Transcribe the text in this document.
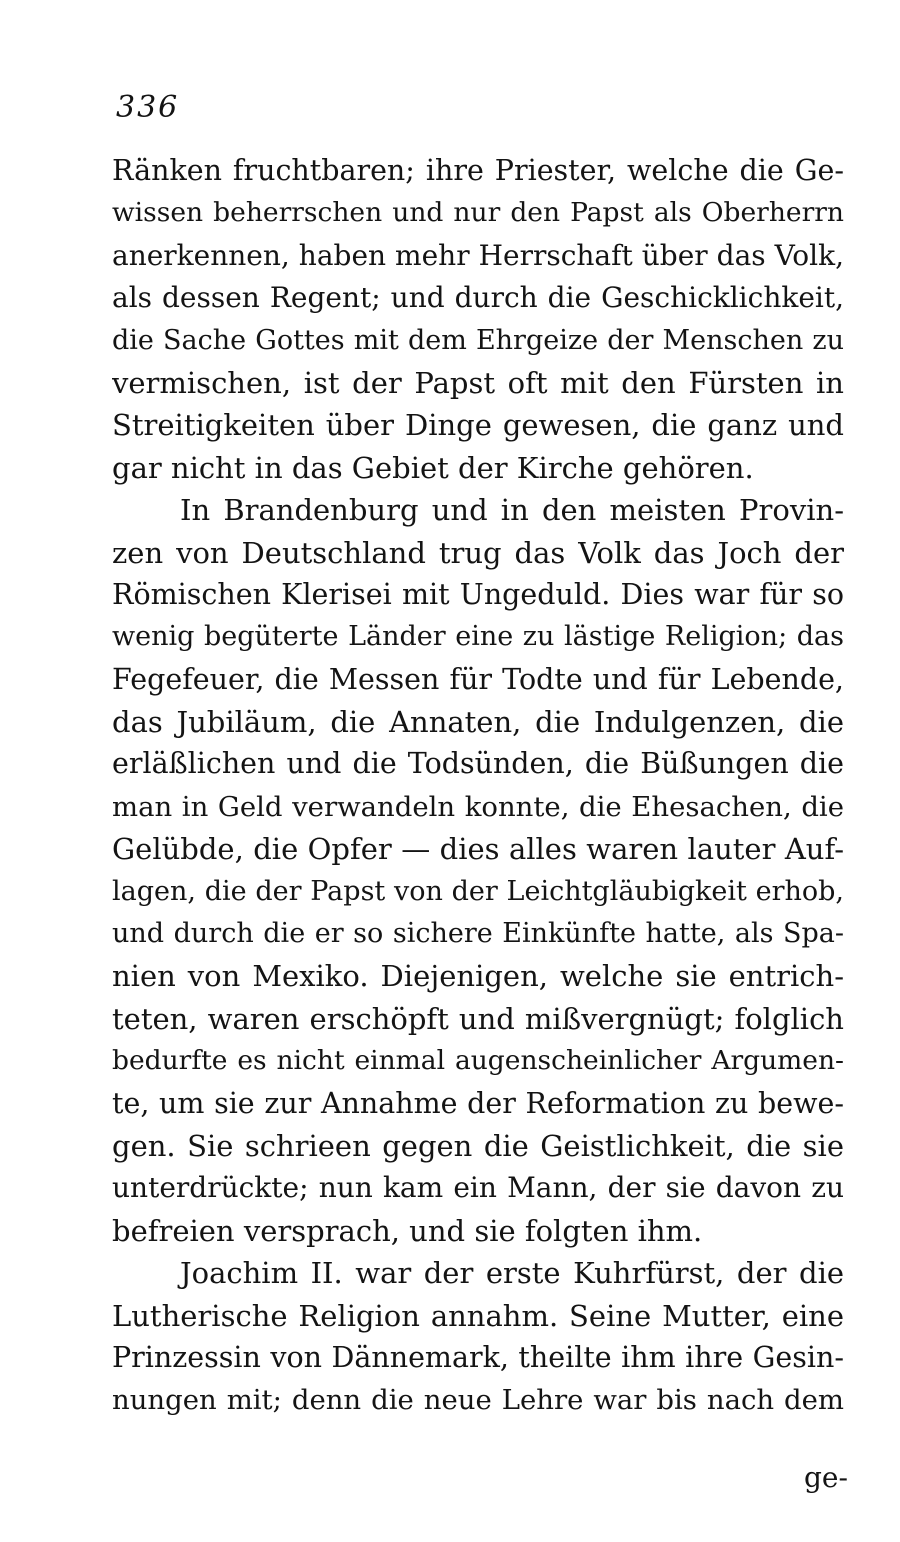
336
Ränken fruchtbaren; ihre Priester, welche die Ge-
wissen beherrschen und nur den Papst als Oberherrn
anerkennen, haben mehr Herrschaft über das Volk,
als dessen Regent; und durch die Geschicklichkeit,
die Sache Gottes mit dem Ehrgeize der Menschen zu
vermischen, ist der Papst oft mit den Fürsten in
Streitigkeiten über Dinge gewesen, die ganz und
gar nicht in das Gebiet der Kirche gehören.
In Brandenburg und in den meisten Provin-
zen von Deutschland trug das Volk das Joch der
Römischen Klerisei mit Ungeduld. Dies war für so
wenig begüterte Länder eine zu lästige Religion; das
Fegefeuer, die Messen für Todte und für Lebende,
das Jubiläum, die Annaten, die Indulgenzen, die
erläßlichen und die Todsünden, die Büßungen die
man in Geld verwandeln konnte, die Ehesachen, die
Gelübde, die Opfer — dies alles waren lauter Auf-
lagen, die der Papst von der Leichtgläubigkeit erhob,
und durch die er so sichere Einkünfte hatte, als Spa-
nien von Mexiko. Diejenigen, welche sie entrich-
teten, waren erschöpft und mißvergnügt; folglich
bedurfte es nicht einmal augenscheinlicher Argumen-
te, um sie zur Annahme der Reformation zu bewe-
gen. Sie schrieen gegen die Geistlichkeit, die sie
unterdrückte; nun kam ein Mann, der sie davon zu
befreien versprach, und sie folgten ihm.
Joachim II. war der erste Kuhrfürst, der die
Lutherische Religion annahm. Seine Mutter, eine
Prinzessin von Dännemark, theilte ihm ihre Gesin-
nungen mit; denn die neue Lehre war bis nach dem
ge-
